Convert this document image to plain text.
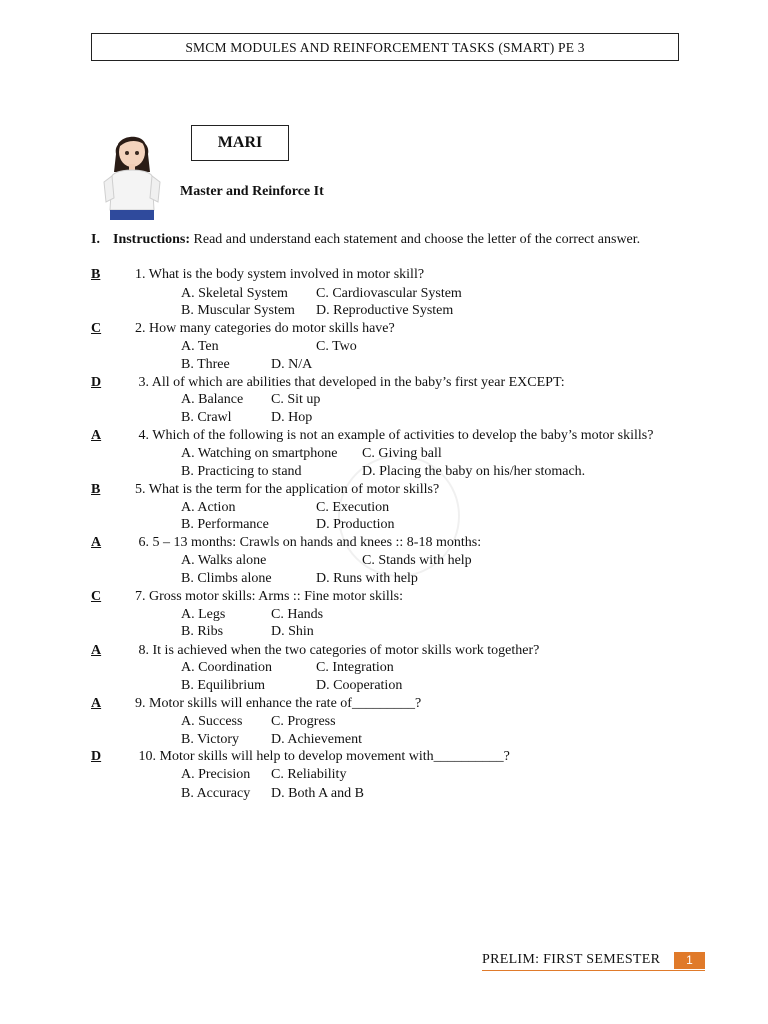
SMCM MODULES AND REINFORCEMENT TASKS (SMART) PE 3
MARI
Master and Reinforce It
I. Instructions: Read and understand each statement and choose the letter of the correct answer.
B 1. What is the body system involved in motor skill?
A. Skeletal System C. Cardiovascular System
B. Muscular System D. Reproductive System
C 2. How many categories do motor skills have?
A. Ten	C. Two
B. Three	D. N/A
D 3. All of which are abilities that developed in the baby’s first year EXCEPT:
A. Balance C. Sit up
B. Crawl	D. Hop
A 4. Which of the following is not an example of activities to develop the baby’s motor skills?
A. Watching on smartphone C. Giving ball
B. Practicing to stand	D. Placing the baby on his/her stomach.
B 5. What is the term for the application of motor skills?
A. Action	C. Execution
B. Performance	D. Production
A 6. 5 – 13 months: Crawls on hands and knees :: 8-18 months:
A. Walks alone	C. Stands with help
B. Climbs alone	D. Runs with help
C 7. Gross motor skills: Arms :: Fine motor skills:
A. Legs	C. Hands
B. Ribs	D. Shin
A 8. It is achieved when the two categories of motor skills work together?
A. Coordination	C. Integration
B. Equilibrium	D. Cooperation
A 9. Motor skills will enhance the rate of_________?
A. Success C. Progress
B. Victory D. Achievement
D 10. Motor skills will help to develop movement with__________?
A. Precision C. Reliability
B. Accuracy D. Both A and B
PRELIM: FIRST SEMESTER	1
